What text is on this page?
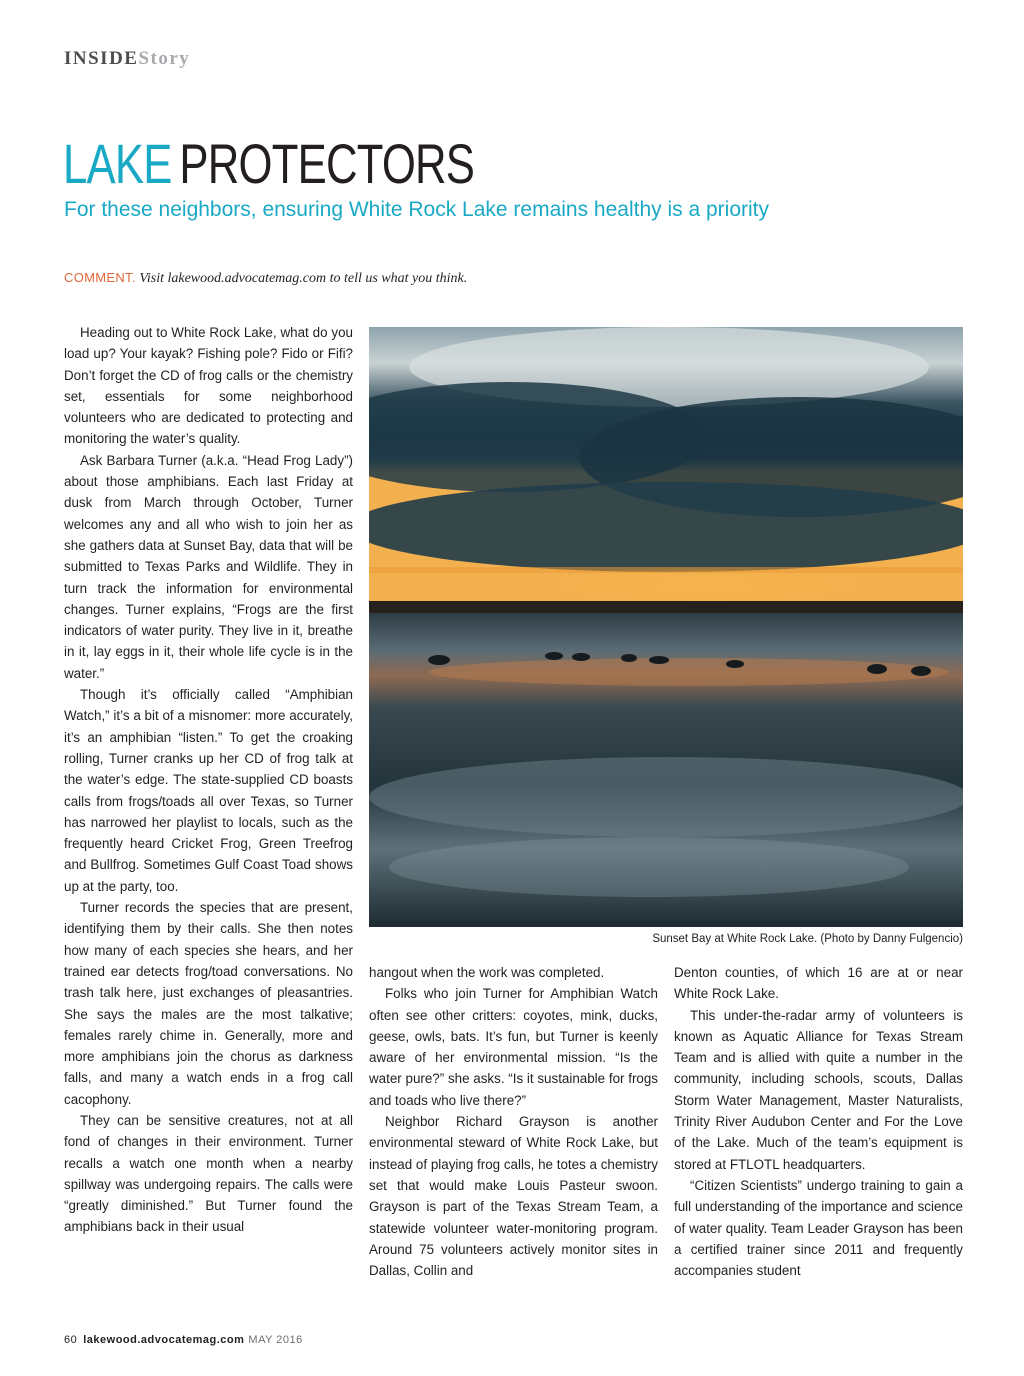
INSIDEStory
LAKE PROTECTORS
For these neighbors, ensuring White Rock Lake remains healthy is a priority
COMMENT. Visit lakewood.advocatemag.com to tell us what you think.

Heading out to White Rock Lake, what do you load up? Your kayak? Fishing pole? Fido or Fifi? Don’t forget the CD of frog calls or the chemistry set, essentials for some neighborhood volunteers who are dedicated to protecting and monitoring the water’s quality.

Ask Barbara Turner (a.k.a. “Head Frog Lady”) about those amphibians. Each last Friday at dusk from March through October, Turner welcomes any and all who wish to join her as she gathers data at Sunset Bay, data that will be submitted to Texas Parks and Wildlife. They in turn track the information for environmental changes. Turner explains, “Frogs are the first indicators of water purity. They live in it, breathe in it, lay eggs in it, their whole life cycle is in the water.”

Though it’s officially called “Amphibian Watch,” it’s a bit of a misnomer: more accurately, it’s an amphibian “listen.” To get the croaking rolling, Turner cranks up her CD of frog talk at the water’s edge. The state-supplied CD boasts calls from frogs/toads all over Texas, so Turner has narrowed her playlist to locals, such as the frequently heard Cricket Frog, Green Treefrog and Bullfrog. Sometimes Gulf Coast Toad shows up at the party, too.

Turner records the species that are present, identifying them by their calls. She then notes how many of each species she hears, and her trained ear detects frog/toad conversations. No trash talk here, just exchanges of pleasantries. She says the males are the most talkative; females rarely chime in. Generally, more and more amphibians join the chorus as darkness falls, and many a watch ends in a frog call cacophony.

They can be sensitive creatures, not at all fond of changes in their environment. Turner recalls a watch one month when a nearby spillway was undergoing repairs. The calls were “greatly diminished.” But Turner found the amphibians back in their usual

Sunset Bay at White Rock Lake. (Photo by Danny Fulgencio)

hangout when the work was completed.

Folks who join Turner for Amphibian Watch often see other critters: coyotes, mink, ducks, geese, owls, bats. It’s fun, but Turner is keenly aware of her environmental mission. “Is the water pure?” she asks. “Is it sustainable for frogs and toads who live there?”

Neighbor Richard Grayson is another environmental steward of White Rock Lake, but instead of playing frog calls, he totes a chemistry set that would make Louis Pasteur swoon. Grayson is part of the Texas Stream Team, a statewide volunteer water-monitoring program. Around 75 volunteers actively monitor sites in Dallas, Collin and

Denton counties, of which 16 are at or near White Rock Lake.

This under-the-radar army of volunteers is known as Aquatic Alliance for Texas Stream Team and is allied with quite a number in the community, including schools, scouts, Dallas Storm Water Management, Master Naturalists, Trinity River Audubon Center and For the Love of the Lake. Much of the team’s equipment is stored at FTLOTL headquarters.

“Citizen Scientists” undergo training to gain a full understanding of the importance and science of water quality. Team Leader Grayson has been a certified trainer since 2011 and frequently accompanies student

60 lakewood.advocatemag.com MAY 2016
